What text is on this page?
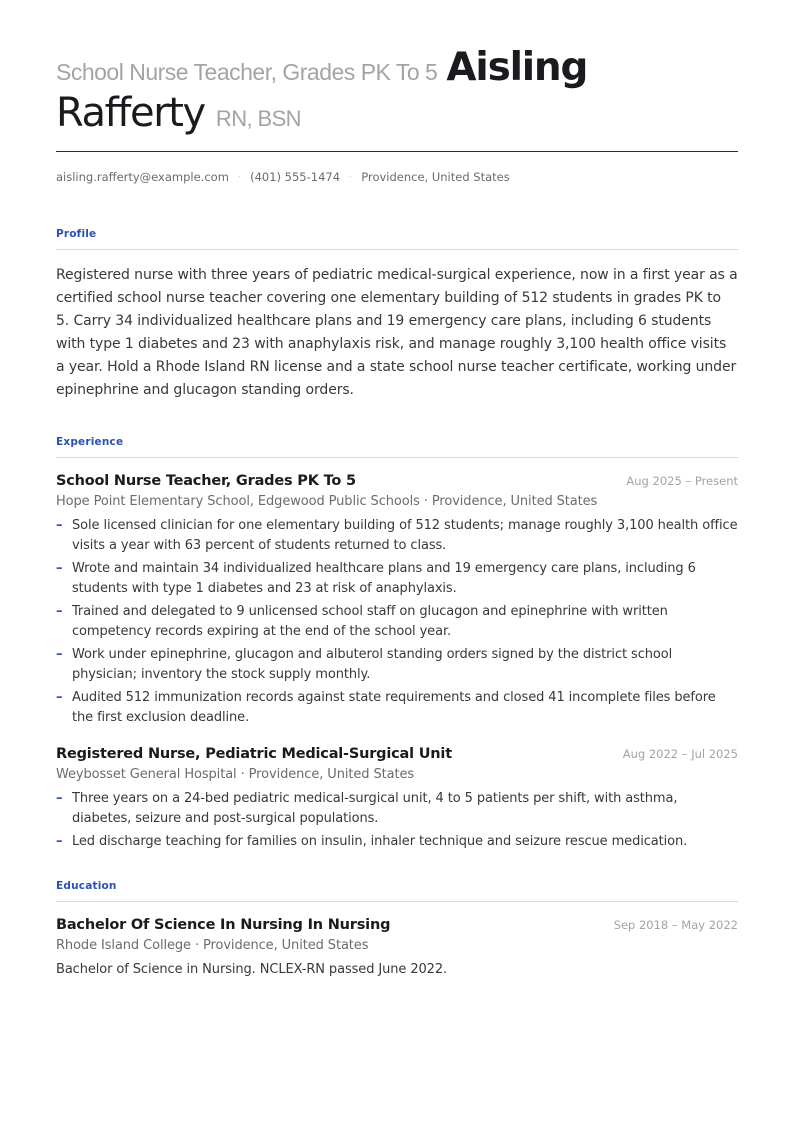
School Nurse Teacher, Grades PK To 5 Aisling
Rafferty RN, BSN
aisling.rafferty@example.com · (401) 555-1474 · Providence, United States
Profile
Registered nurse with three years of pediatric medical-surgical experience, now in a first year as a certified school nurse teacher covering one elementary building of 512 students in grades PK to 5. Carry 34 individualized healthcare plans and 19 emergency care plans, including 6 students with type 1 diabetes and 23 with anaphylaxis risk, and manage roughly 3,100 health office visits a year. Hold a Rhode Island RN license and a state school nurse teacher certificate, working under epinephrine and glucagon standing orders.
Experience
School Nurse Teacher, Grades PK To 5	Aug 2025 – Present
Hope Point Elementary School, Edgewood Public Schools · Providence, United States
– Sole licensed clinician for one elementary building of 512 students; manage roughly 3,100 health office visits a year with 63 percent of students returned to class.
– Wrote and maintain 34 individualized healthcare plans and 19 emergency care plans, including 6 students with type 1 diabetes and 23 at risk of anaphylaxis.
– Trained and delegated to 9 unlicensed school staff on glucagon and epinephrine with written competency records expiring at the end of the school year.
– Work under epinephrine, glucagon and albuterol standing orders signed by the district school physician; inventory the stock supply monthly.
– Audited 512 immunization records against state requirements and closed 41 incomplete files before the first exclusion deadline.
Registered Nurse, Pediatric Medical-Surgical Unit	Aug 2022 – Jul 2025
Weybosset General Hospital · Providence, United States
– Three years on a 24-bed pediatric medical-surgical unit, 4 to 5 patients per shift, with asthma, diabetes, seizure and post-surgical populations.
– Led discharge teaching for families on insulin, inhaler technique and seizure rescue medication.
Education
Bachelor Of Science In Nursing In Nursing	Sep 2018 – May 2022
Rhode Island College · Providence, United States
Bachelor of Science in Nursing. NCLEX-RN passed June 2022.
